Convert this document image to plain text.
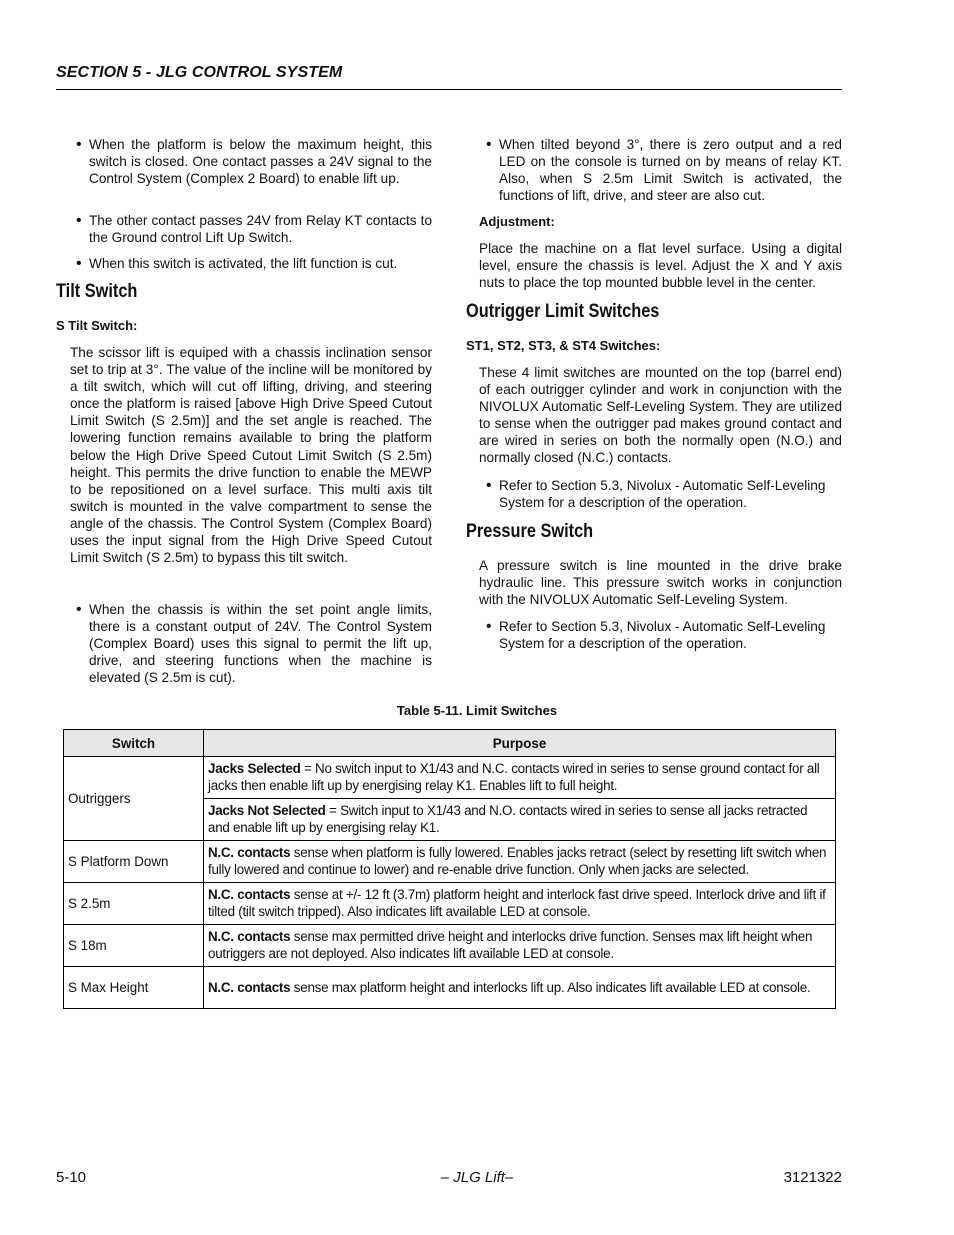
SECTION 5 - JLG CONTROL SYSTEM
• When the platform is below the maximum height, this switch is closed. One contact passes a 24V signal to the Control System (Complex 2 Board) to enable lift up.
• The other contact passes 24V from Relay KT contacts to the Ground control Lift Up Switch.
• When this switch is activated, the lift function is cut.
Tilt Switch
S Tilt Switch:
The scissor lift is equiped with a chassis inclination sensor set to trip at 3°. The value of the incline will be monitored by a tilt switch, which will cut off lifting, driving, and steering once the platform is raised [above High Drive Speed Cutout Limit Switch (S 2.5m)] and the set angle is reached. The lowering function remains available to bring the platform below the High Drive Speed Cutout Limit Switch (S 2.5m) height. This permits the drive function to enable the MEWP to be repositioned on a level surface. This multi axis tilt switch is mounted in the valve compartment to sense the angle of the chassis. The Control System (Complex Board) uses the input signal from the High Drive Speed Cutout Limit Switch (S 2.5m) to bypass this tilt switch.
• When the chassis is within the set point angle limits, there is a constant output of 24V. The Control System (Complex Board) uses this signal to permit the lift up, drive, and steering functions when the machine is elevated (S 2.5m is cut).
• When tilted beyond 3°, there is zero output and a red LED on the console is turned on by means of relay KT. Also, when S 2.5m Limit Switch is activated, the functions of lift, drive, and steer are also cut.
Adjustment:
Place the machine on a flat level surface. Using a digital level, ensure the chassis is level. Adjust the X and Y axis nuts to place the top mounted bubble level in the center.
Outrigger Limit Switches
ST1, ST2, ST3, & ST4 Switches:
These 4 limit switches are mounted on the top (barrel end) of each outrigger cylinder and work in conjunction with the NIVOLUX Automatic Self-Leveling System. They are utilized to sense when the outrigger pad makes ground contact and are wired in series on both the normally open (N.O.) and normally closed (N.C.) contacts.
• Refer to Section 5.3, Nivolux - Automatic Self-Leveling System for a description of the operation.
Pressure Switch
A pressure switch is line mounted in the drive brake hydraulic line. This pressure switch works in conjunction with the NIVOLUX Automatic Self-Leveling System.
• Refer to Section 5.3, Nivolux - Automatic Self-Leveling System for a description of the operation.
Table 5-11. Limit Switches
Switch	Purpose
Outriggers	Jacks Selected = No switch input to X1/43 and N.C. contacts wired in series to sense ground contact for all jacks then enable lift up by energising relay K1. Enables lift to full height.
	Jacks Not Selected = Switch input to X1/43 and N.O. contacts wired in series to sense all jacks retracted and enable lift up by energising relay K1.
S Platform Down	N.C. contacts sense when platform is fully lowered. Enables jacks retract (select by resetting lift switch when fully lowered and continue to lower) and re-enable drive function. Only when jacks are selected.
S 2.5m	N.C. contacts sense at +/- 12 ft (3.7m) platform height and interlock fast drive speed. Interlock drive and lift if tilted (tilt switch tripped). Also indicates lift available LED at console.
S 18m	N.C. contacts sense max permitted drive height and interlocks drive function. Senses max lift height when outriggers are not deployed. Also indicates lift available LED at console.
S Max Height	N.C. contacts sense max platform height and interlocks lift up. Also indicates lift available LED at console.
5-10	– JLG Lift–	3121322
